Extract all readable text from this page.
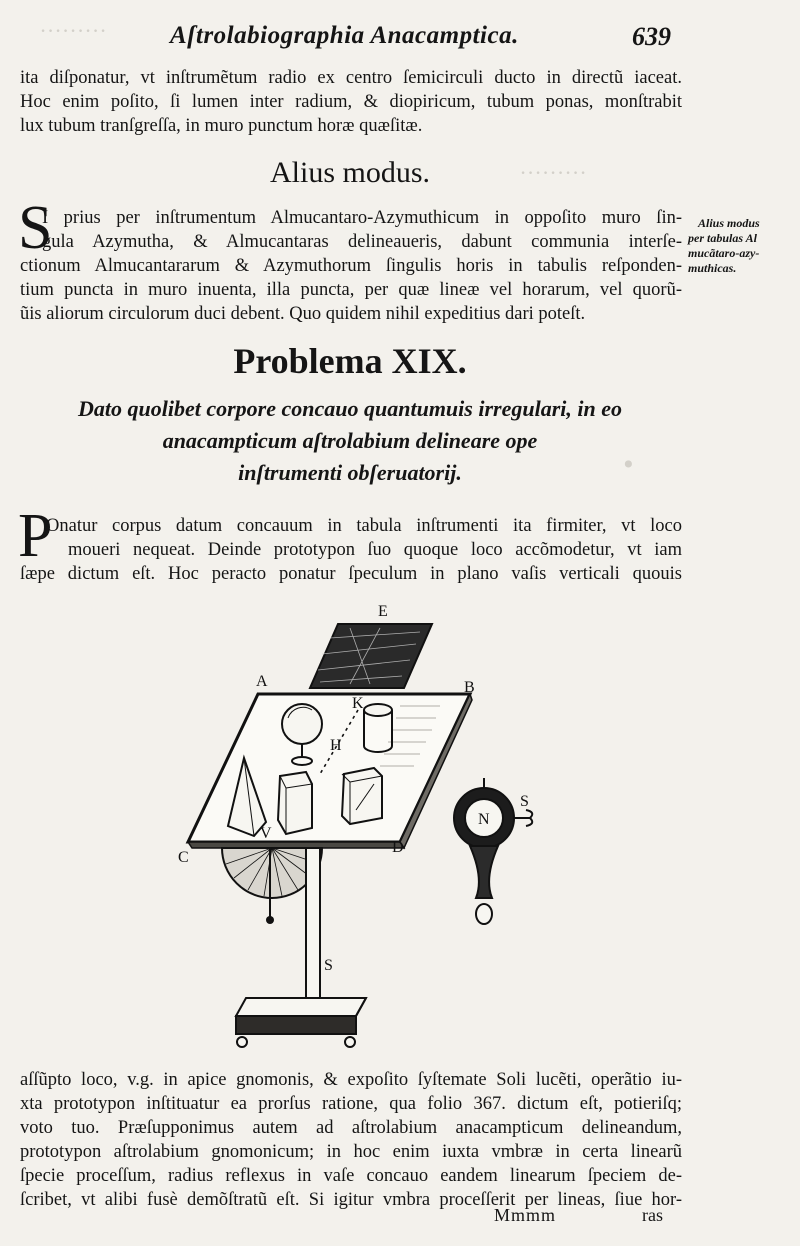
·········
·········
·
Aſtrolabiographia Anacamptica.	639
ita diſponatur, vt inſtrumẽtum radio ex centro ſemicirculi ducto in directũ iaceat.
Hoc enim poſito, ſi lumen inter radium, & diopiricum, tubum ponas, monſtrabit
lux tubum tranſgreſſa, in muro punctum horæ quæſitæ.
Alius modus.
S
I prius per inſtrumentum Almucantaro-Azymuthicum in oppoſito muro ſin-
gula Azymutha, & Almucantaras delineaueris, dabunt communia interſe-
ctionum Almucantararum & Azymuthorum ſingulis horis in tabulis reſponden-
tium puncta in muro inuenta, illa puncta, per quæ lineæ vel horarum, vel quorũ-
ũis aliorum circulorum duci debent. Quo quidem nihil expeditius dari poteſt.
Alius modus
per tabulas Al
mucãtaro-azy-
muthicas.
Problema XIX.
Dato quolibet corpore concauo quantumuis irregulari, in eo
anacampticum aſtrolabium delineare ope
inſtrumenti obſeruatorij.
P
Onatur corpus datum concauum in tabula inſtrumenti ita firmiter, vt loco
moueri nequeat. Deinde prototypon ſuo quoque loco accõmodetur, vt iam
ſæpe dictum eſt. Hoc peracto ponatur ſpeculum in plano vaſis verticali quouis
E
A	B
C
D
K
H
V
S
N
S
aſſũpto loco, v.g. in apice gnomonis, & expoſito ſyſtemate Soli lucẽti, operãtio iu-
xta prototypon inſtituatur ea prorſus ratione, qua folio 367. dictum eſt, potieriſq;
voto tuo. Præſupponimus autem ad aſtrolabium anacampticum delineandum,
prototypon aſtrolabium gnomonicum; in hoc enim iuxta vmbræ in certa linearũ
ſpecie proceſſum, radius reflexus in vaſe concauo eandem linearum ſpeciem de-
ſcribet, vt alibi fusè demõſtratũ eſt. Si igitur vmbra proceſſerit per lineas, ſiue hor-
Mmmm	ras
